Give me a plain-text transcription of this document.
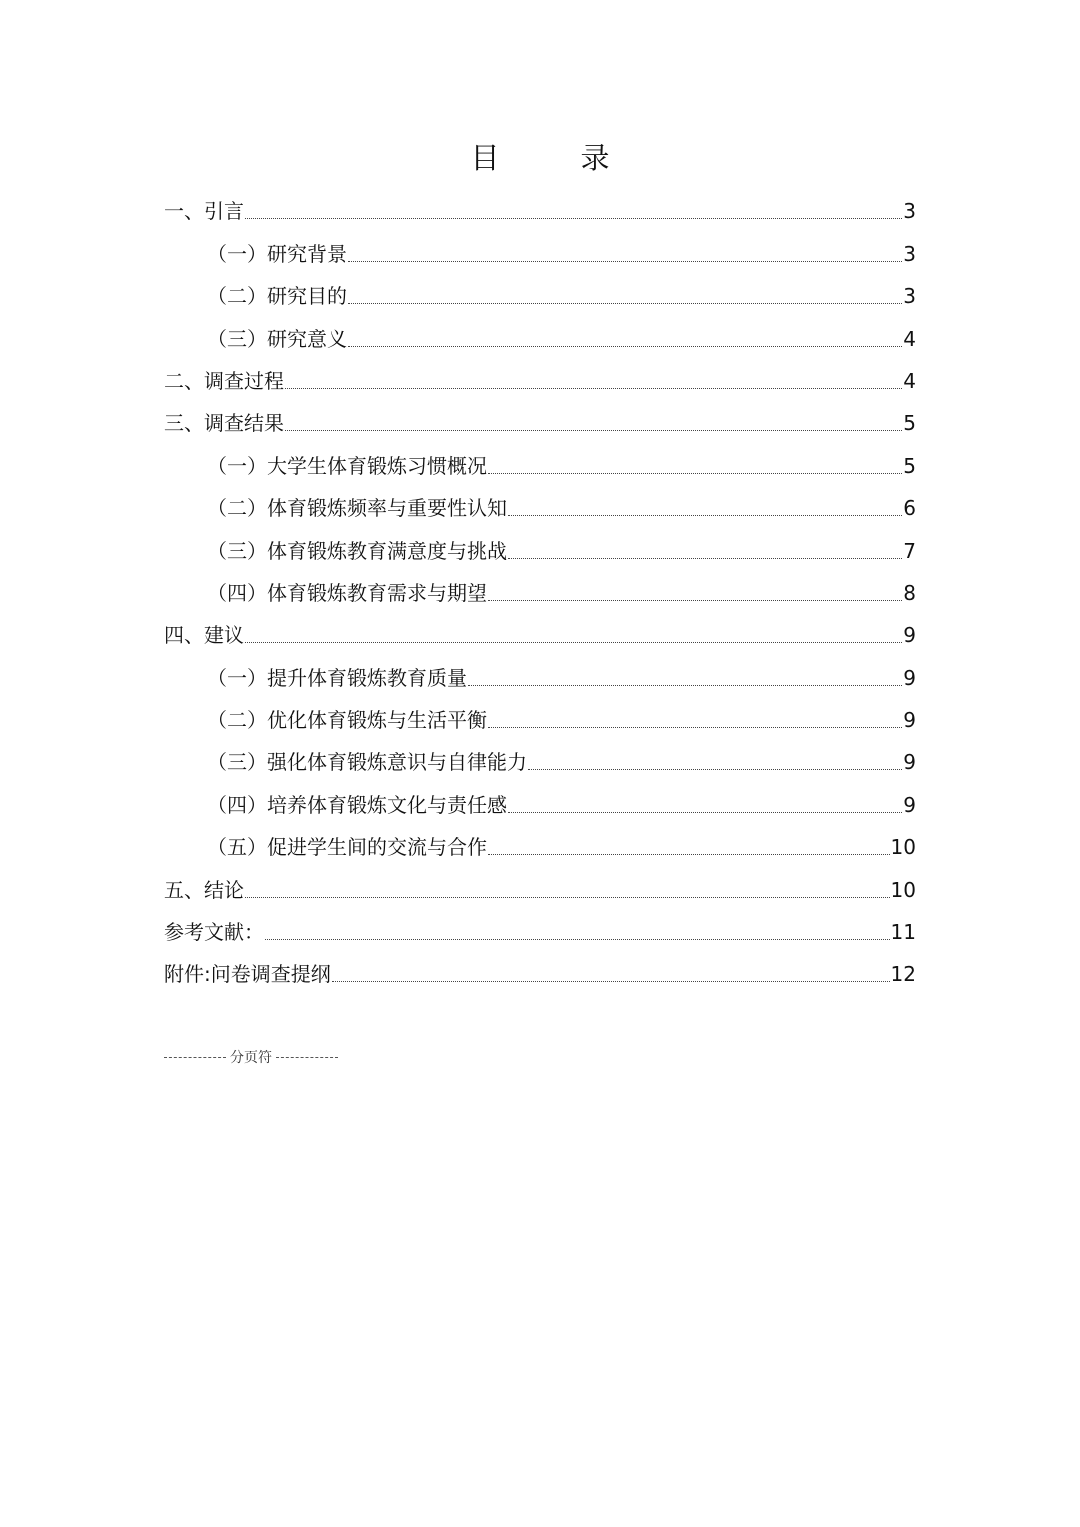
目　录
一、引言	3
（一）研究背景	3
（二）研究目的	3
（三）研究意义	4
二、调查过程	4
三、调查结果	5
（一）大学生体育锻炼习惯概况	5
（二）体育锻炼频率与重要性认知	6
（三）体育锻炼教育满意度与挑战	7
（四）体育锻炼教育需求与期望	8
四、建议	9
（一）提升体育锻炼教育质量	9
（二）优化体育锻炼与生活平衡	9
（三）强化体育锻炼意识与自律能力	9
（四）培养体育锻炼文化与责任感	9
（五）促进学生间的交流与合作	10
五、结论	10
参考文献：	11
附件:问卷调查提纲	12
分页符
